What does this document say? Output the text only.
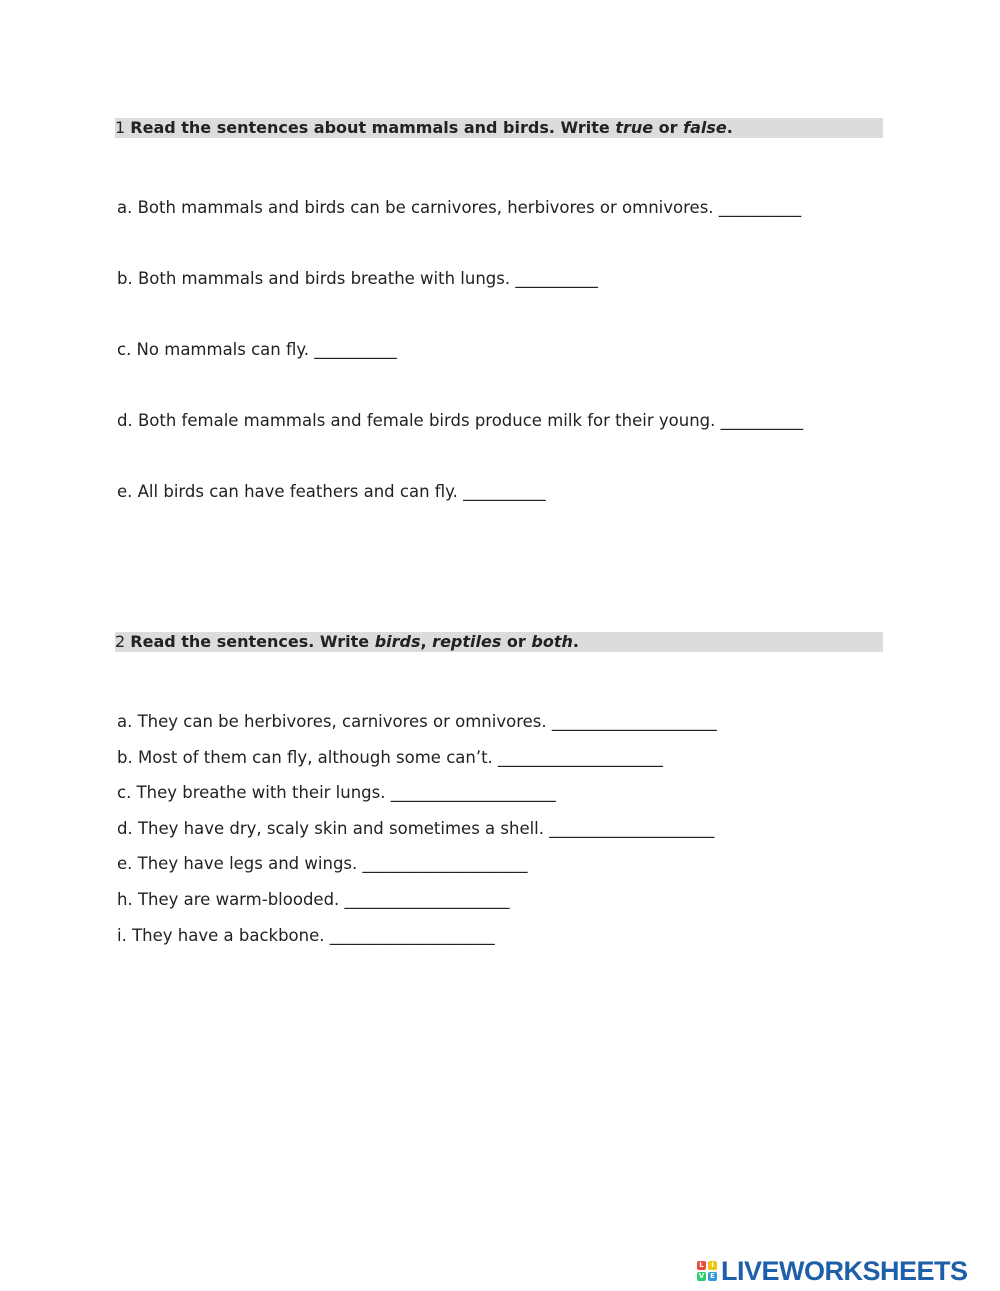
1 Read the sentences about mammals and birds. Write true or false.
a. Both mammals and birds can be carnivores, herbivores or omnivores. __________
b. Both mammals and birds breathe with lungs. __________
c. No mammals can fly. __________
d. Both female mammals and female birds produce milk for their young. __________
e. All birds can have feathers and can fly. __________
2 Read the sentences. Write birds, reptiles or both.
a. They can be herbivores, carnivores or omnivores. ____________________
b. Most of them can fly, although some can’t. ____________________
c. They breathe with their lungs. ____________________
d. They have dry, scaly skin and sometimes a shell. ____________________
e. They have legs and wings. ____________________
h. They are warm-blooded. ____________________
i. They have a backbone. ____________________
L	I
V E LIVEWORKSHEETS
